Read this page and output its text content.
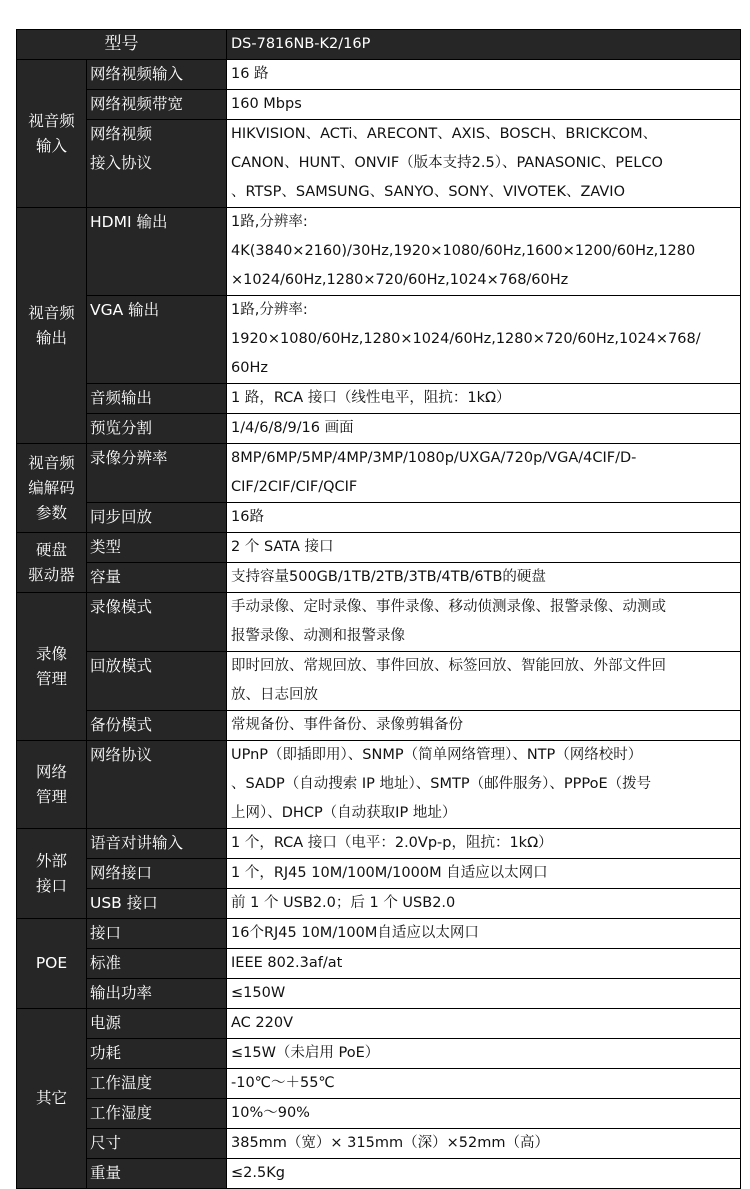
型号		DS-7816NB-K2/16P

视音频
输入	网络视频输入	16 路

	网络视频带宽	160 Mbps

	网络视频
接入协议	HIKVISION、ACTi、ARECONT、AXIS、BOSCH、BRICKCOM、
CANON、HUNT、ONVIF（版本支持2.5）、PANASONIC、PELCO
、RTSP、SAMSUNG、SANYO、SONY、VIVOTEK、ZAVIO

视音频
输出	HDMI 输出	1路,分辨率:
4K(3840×2160)/30Hz,1920×1080/60Hz,1600×1200/60Hz,1280
×1024/60Hz,1280×720/60Hz,1024×768/60Hz

	VGA 输出	1路,分辨率:
1920×1080/60Hz,1280×1024/60Hz,1280×720/60Hz,1024×768/
60Hz

	音频输出	1 路，RCA 接口（线性电平，阻抗：1kΩ）

	预览分割	1/4/6/8/9/16 画面

视音频
编解码
参数	录像分辨率	8MP/6MP/5MP/4MP/3MP/1080p/UXGA/720p/VGA/4CIF/D-
CIF/2CIF/CIF/QCIF

	同步回放	16路

硬盘
驱动器	类型	2 个 SATA 接口

	容量	支持容量500GB/1TB/2TB/3TB/4TB/6TB的硬盘

录像
管理	录像模式	手动录像、定时录像、事件录像、移动侦测录像、报警录像、动测或
报警录像、动测和报警录像

	回放模式	即时回放、常规回放、事件回放、标签回放、智能回放、外部文件回
放、日志回放

	备份模式	常规备份、事件备份、录像剪辑备份

网络
管理	网络协议	UPnP（即插即用）、SNMP（简单网络管理）、NTP（网络校时）
、SADP（自动搜索 IP 地址）、SMTP（邮件服务）、PPPoE（拨号
上网）、DHCP（自动获取IP 地址）

外部
接口	语音对讲输入	1 个，RCA 接口（电平：2.0Vp-p，阻抗：1kΩ）

	网络接口	1 个，RJ45 10M/100M/1000M 自适应以太网口

	USB 接口	前 1 个 USB2.0；后 1 个 USB2.0

POE	接口	16个RJ45 10M/100M自适应以太网口

	标准	IEEE 802.3af/at

	输出功率	≤150W

其它	电源	AC 220V

	功耗	≤15W（未启用 PoE）

	工作温度	-10℃～＋55℃

	工作湿度	10%～90%

	尺寸	385mm（宽）× 315mm（深）×52mm（高）

	重量	≤2.5Kg
